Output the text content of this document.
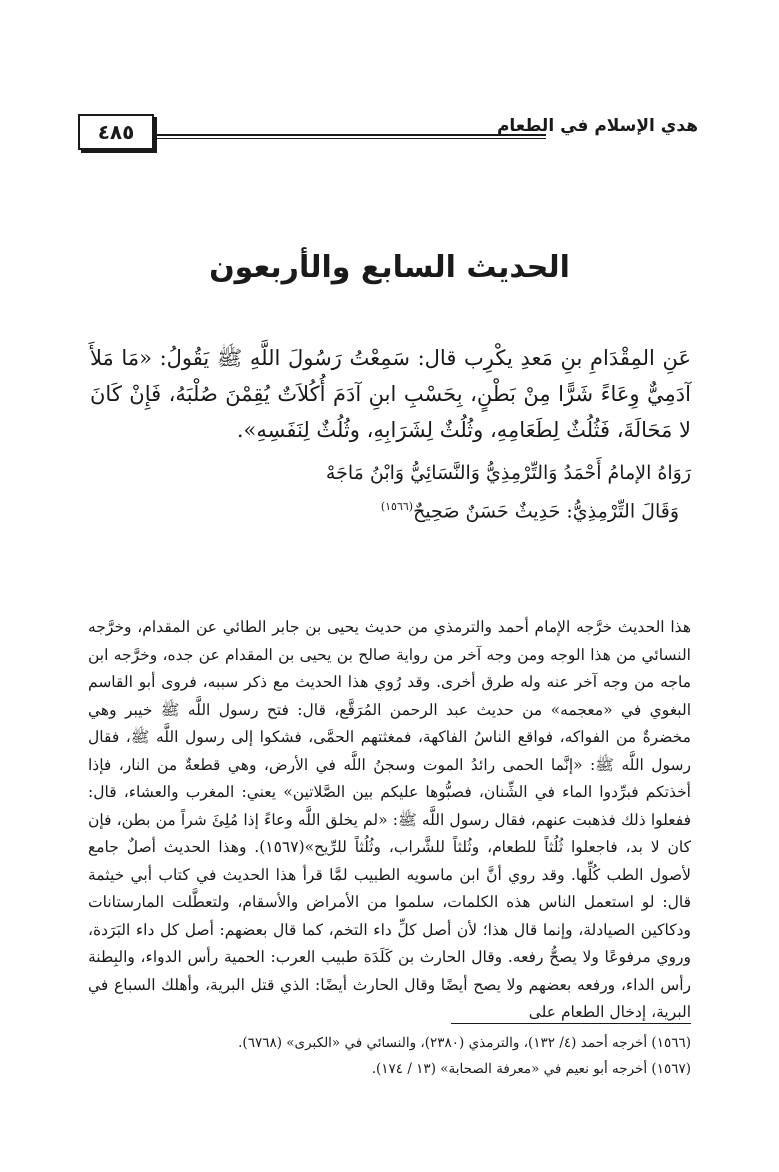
هدي الإسلام في الطعام
٤٨٥
الحديث السابع والأربعون

عَنِ المِقْدَامِ بنِ مَعدِ يكْرِب قال: سَمِعْتُ رَسُولَ اللَّهِ ﷺ يَقُولُ: «مَا مَلأَ آدَمِيٌّ وِعَاءً شَرًّا مِنْ بَطْنٍ، بِحَسْبِ ابنِ آدَمَ أُكُلاَتٌ يُقِمْنَ صُلْبَهُ، فَإِنْ كَانَ لا مَحَالَةَ، فَثُلُثٌ لِطَعَامِهِ، وثُلُثٌ لِشَرَابِهِ، وثُلُثٌ لِنَفَسِهِ».

رَوَاهُ الإمامُ أَحْمَدُ وَالتِّرْمِذِيُّ وَالنَّسَائِيُّ وَابْنُ مَاجَهْ
وَقَالَ التِّرْمِذِيُّ: حَدِيثٌ حَسَنٌ صَحِيحٌ$^{(١٥٦٦)}$

هذا الحديث خرَّجه الإمام أحمد والترمذي من حديث يحيى بن جابر الطائي عن المقدام، وخرَّجه النسائي من هذا الوجه ومن وجه آخر من رواية صالح بن يحيى بن المقدام عن جده، وخرَّجه ابن ماجه من وجه آخر عنه وله طرق أخرى. وقد رُوي هذا الحديث مع ذكر سببه، فروى أبو القاسم البغوي في «معجمه» من حديث عبد الرحمن المُرَقَّع، قال: فتح رسول اللَّه ﷺ خيبر وهي مخضرةٌ من الفواكه، فواقع الناسُ الفاكهة، فمغثتهم الحمَّى، فشكوا إلى رسول اللَّه ﷺ، فقال رسول اللَّه ﷺ: «إنَّما الحمى رائدُ الموت وسجنُ اللَّه في الأرض، وهي قطعةٌ من النار، فإذا أخذتكم فبرِّدوا الماء في الشِّنان، فصبُّوها عليكم بين الصَّلاتين» يعني: المغرب والعشاء، قال: ففعلوا ذلك فذهبت عنهم، فقال رسول اللَّه ﷺ: «لم يخلق اللَّه وعاءً إذا مُلِئَ شراً من بطن، فإن كان لا بد، فاجعلوا ثُلُثاً للطعام، وثُلثاً للشَّراب، وثُلُثاً للرِّيح»(١٥٦٧). وهذا الحديث أصلٌ جامع لأصول الطب كُلِّها. وقد روي أنَّ ابن ماسويه الطبيب لمَّا قرأ هذا الحديث في كتاب أبي خيثمة قال: لو استعمل الناس هذه الكلمات، سلموا من الأمراض والأسقام، ولتعطَّلت المارستانات ودكاكين الصيادلة، وإنما قال هذا؛ لأن أصل كلِّ داء التخم، كما قال بعضهم: أصل كل داء البَرَدة، وروي مرفوعًا ولا يصحُّ رفعه. وقال الحارث بن كَلَدَة طبيب العرب: الحمية رأس الدواء، والبِطنة رأس الداء، ورفعه بعضهم ولا يصح أيضًا وقال الحارث أيضًا: الذي قتل البرية، وأهلك السباع في البرية، إدخال الطعام على

(١٥٦٦) أخرجه أحمد (٤/ ١٣٢)، والترمذي (٢٣٨٠)، والنسائي في «الكبرى» (٦٧٦٨).
(١٥٦٧) أخرجه أبو نعيم في «معرفة الصحابة» (١٣ / ١٧٤).
